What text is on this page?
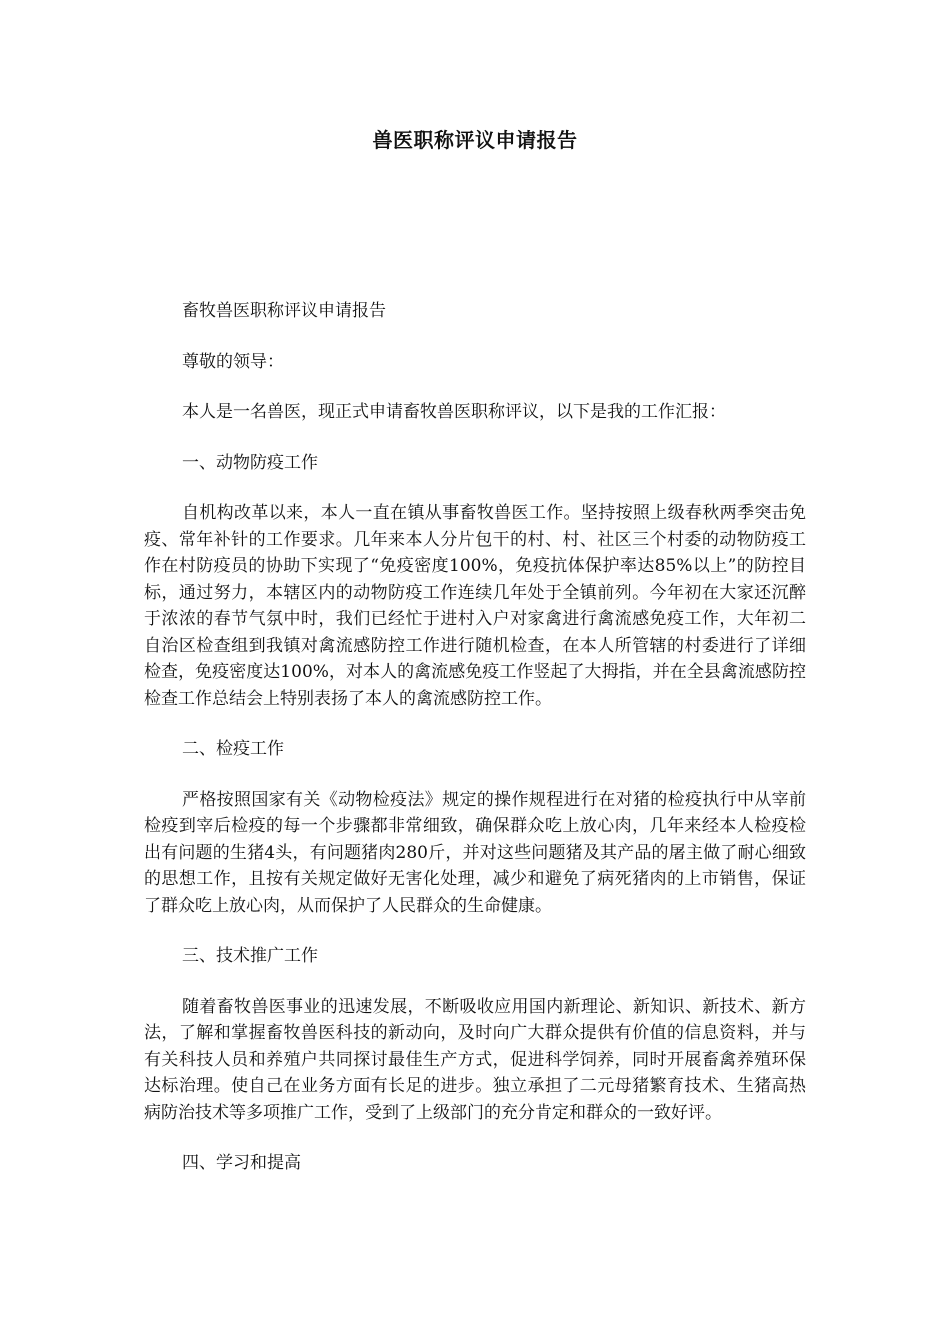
兽医职称评议申请报告

畜牧兽医职称评议申请报告

尊敬的领导：

本人是一名兽医，现正式申请畜牧兽医职称评议，以下是我的工作汇报：

一、动物防疫工作

自机构改革以来，本人一直在镇从事畜牧兽医工作。坚持按照上级春秋两季突击免疫、常年补针的工作要求。几年来本人分片包干的村、村、社区三个村委的动物防疫工作在村防疫员的协助下实现了“免疫密度100%，免疫抗体保护率达85%以上”的防控目标，通过努力，本辖区内的动物防疫工作连续几年处于全镇前列。今年初在大家还沉醉于浓浓的春节气氛中时，我们已经忙于进村入户对家禽进行禽流感免疫工作，大年初二自治区检查组到我镇对禽流感防控工作进行随机检查，在本人所管辖的村委进行了详细检查，免疫密度达100%，对本人的禽流感免疫工作竖起了大拇指，并在全县禽流感防控检查工作总结会上特别表扬了本人的禽流感防控工作。

二、检疫工作

严格按照国家有关《动物检疫法》规定的操作规程进行在对猪的检疫执行中从宰前检疫到宰后检疫的每一个步骤都非常细致，确保群众吃上放心肉，几年来经本人检疫检出有问题的生猪4头，有问题猪肉280斤，并对这些问题猪及其产品的屠主做了耐心细致的思想工作，且按有关规定做好无害化处理，减少和避免了病死猪肉的上市销售，保证了群众吃上放心肉，从而保护了人民群众的生命健康。

三、技术推广工作

随着畜牧兽医事业的迅速发展，不断吸收应用国内新理论、新知识、新技术、新方法，了解和掌握畜牧兽医科技的新动向，及时向广大群众提供有价值的信息资料，并与有关科技人员和养殖户共同探讨最佳生产方式，促进科学饲养，同时开展畜禽养殖环保达标治理。使自己在业务方面有长足的进步。独立承担了二元母猪繁育技术、生猪高热病防治技术等多项推广工作，受到了上级部门的充分肯定和群众的一致好评。

四、学习和提高
